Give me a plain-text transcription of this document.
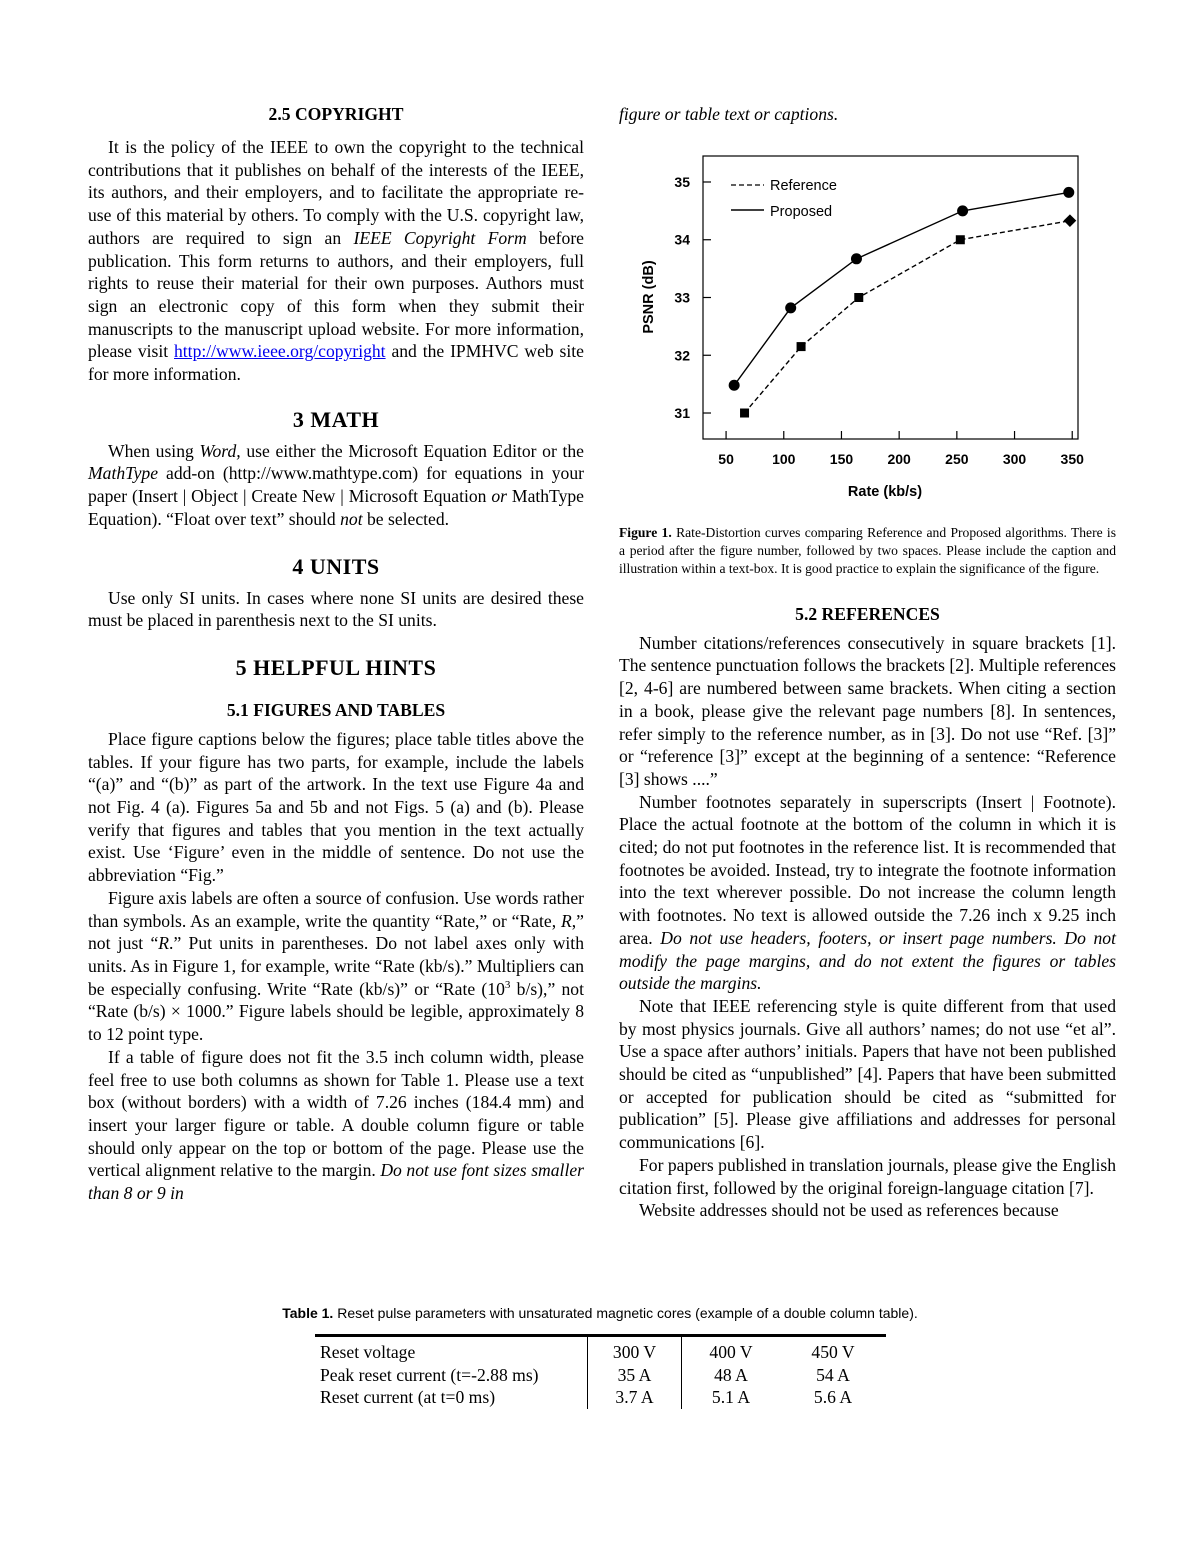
2.5 COPYRIGHT

It is the policy of the IEEE to own the copyright to the technical contributions that it publishes on behalf of the interests of the IEEE, its authors, and their employers, and to facilitate the appropriate re-use of this material by others. To comply with the U.S. copyright law, authors are required to sign an IEEE Copyright Form before publication. This form returns to authors, and their employers, full rights to reuse their material for their own purposes. Authors must sign an electronic copy of this form when they submit their manuscripts to the manuscript upload website. For more information, please visit http://www.ieee.org/copyright and the IPMHVC web site for more information.

3 MATH

When using Word, use either the Microsoft Equation Editor or the MathType add-on (http://www.mathtype.com) for equations in your paper (Insert | Object | Create New | Microsoft Equation or MathType Equation). “Float over text” should not be selected.

4 UNITS

Use only SI units. In cases where none SI units are desired these must be placed in parenthesis next to the SI units.

5 HELPFUL HINTS
5.1 FIGURES AND TABLES

Place figure captions below the figures; place table titles above the tables. If your figure has two parts, for example, include the labels “(a)” and “(b)” as part of the artwork. In the text use Figure 4a and not Fig. 4 (a). Figures 5a and 5b and not Figs. 5 (a) and (b). Please verify that figures and tables that you mention in the text actually exist. Use ‘Figure’ even in the middle of sentence. Do not use the abbreviation “Fig.”

Figure axis labels are often a source of confusion. Use words rather than symbols. As an example, write the quantity “Rate,” or “Rate, R,” not just “R.” Put units in parentheses. Do not label axes only with units. As in Figure 1, for example, write “Rate (kb/s).” Multipliers can be especially confusing. Write “Rate (kb/s)” or “Rate ($10^3$ b/s),” not “Rate (b/s) × 1000.” Figure labels should be legible, approximately 8 to 12 point type.

If a table of figure does not fit the 3.5 inch column width, please feel free to use both columns as shown for Table 1. Please use a text box (without borders) with a width of 7.26 inches (184.4 mm) and insert your larger figure or table. A double column figure or table should only appear on the top or bottom of the page. Please use the vertical alignment relative to the margin. Do not use font sizes smaller than 8 or 9 in

figure or table text or captions.
50	100 150 200 250 300 350
31
32
33
34
35	Reference
Proposed
PSNR (dB)
Rate (kb/s)

Figure 1. Rate-Distortion curves comparing Reference and Proposed algorithms. There is a period after the figure number, followed by two spaces. Please include the caption and illustration within a text-box. It is good practice to explain the significance of the figure.

5.2 REFERENCES

Number citations/references consecutively in square brackets [1]. The sentence punctuation follows the brackets [2]. Multiple references [2, 4-6] are numbered between same brackets. When citing a section in a book, please give the relevant page numbers [8]. In sentences, refer simply to the reference number, as in [3]. Do not use “Ref. [3]” or “reference [3]” except at the beginning of a sentence: “Reference [3] shows ....”

Number footnotes separately in superscripts (Insert | Footnote). Place the actual footnote at the bottom of the column in which it is cited; do not put footnotes in the reference list. It is recommended that footnotes be avoided. Instead, try to integrate the footnote information into the text wherever possible. Do not increase the column length with footnotes. No text is allowed outside the 7.26 inch x 9.25 inch area. Do not use headers, footers, or insert page numbers. Do not modify the page margins, and do not extent the figures or tables outside the margins.

Note that IEEE referencing style is quite different from that used by most physics journals. Give all authors’ names; do not use “et al”. Use a space after authors’ initials. Papers that have not been published should be cited as “unpublished” [4]. Papers that have been submitted or accepted for publication should be cited as “submitted for publication” [5]. Please give affiliations and addresses for personal communications [6].

For papers published in translation journals, please give the English citation first, followed by the original foreign-language citation [7].

Website addresses should not be used as references because

Table 1. Reset pulse parameters with unsaturated magnetic cores (example of a double column table).
Reset voltage	300 V	400 V	450 V
Peak reset current (t=-2.88 ms)	35 A	48 A	54 A
Reset current (at t=0 ms)	3.7 A	5.1 A	5.6 A
